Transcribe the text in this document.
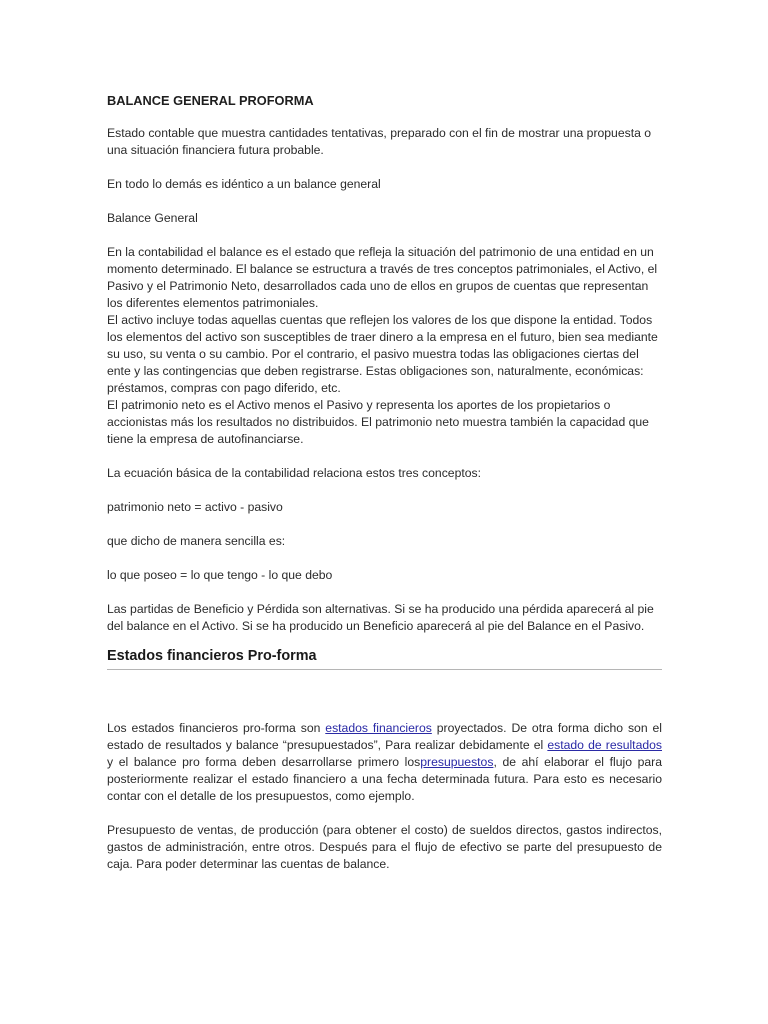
BALANCE GENERAL PROFORMA

Estado contable que muestra cantidades tentativas, preparado con el fin de mostrar una propuesta o una situación financiera futura probable.

En todo lo demás es idéntico a un balance general

Balance General

En la contabilidad el balance es el estado que refleja la situación del patrimonio de una entidad en un momento determinado. El balance se estructura a través de tres conceptos patrimoniales, el Activo, el Pasivo y el Patrimonio Neto, desarrollados cada uno de ellos en grupos de cuentas que representan los diferentes elementos patrimoniales.

El activo incluye todas aquellas cuentas que reflejen los valores de los que dispone la entidad. Todos los elementos del activo son susceptibles de traer dinero a la empresa en el futuro, bien sea mediante su uso, su venta o su cambio. Por el contrario, el pasivo muestra todas las obligaciones ciertas del ente y las contingencias que deben registrarse. Estas obligaciones son, naturalmente, económicas: préstamos, compras con pago diferido, etc.

El patrimonio neto es el Activo menos el Pasivo y representa los aportes de los propietarios o accionistas más los resultados no distribuidos. El patrimonio neto muestra también la capacidad que tiene la empresa de autofinanciarse.

La ecuación básica de la contabilidad relaciona estos tres conceptos:

patrimonio neto = activo - pasivo

que dicho de manera sencilla es:

lo que poseo = lo que tengo - lo que debo

Las partidas de Beneficio y Pérdida son alternativas. Si se ha producido una pérdida aparecerá al pie del balance en el Activo. Si se ha producido un Beneficio aparecerá al pie del Balance en el Pasivo.

Estados financieros Pro-forma

Los estados financieros pro-forma son estados financieros proyectados. De otra forma dicho son el estado de resultados y balance “presupuestados”, Para realizar debidamente el estado de resultados y el balance pro forma deben desarrollarse primero lospresupuestos, de ahí elaborar el flujo para posteriormente realizar el estado financiero a una fecha determinada futura. Para esto es necesario contar con el detalle de los presupuestos, como ejemplo.

Presupuesto de ventas, de producción (para obtener el costo) de sueldos directos, gastos indirectos, gastos de administración, entre otros. Después para el flujo de efectivo se parte del presupuesto de caja. Para poder determinar las cuentas de balance.
